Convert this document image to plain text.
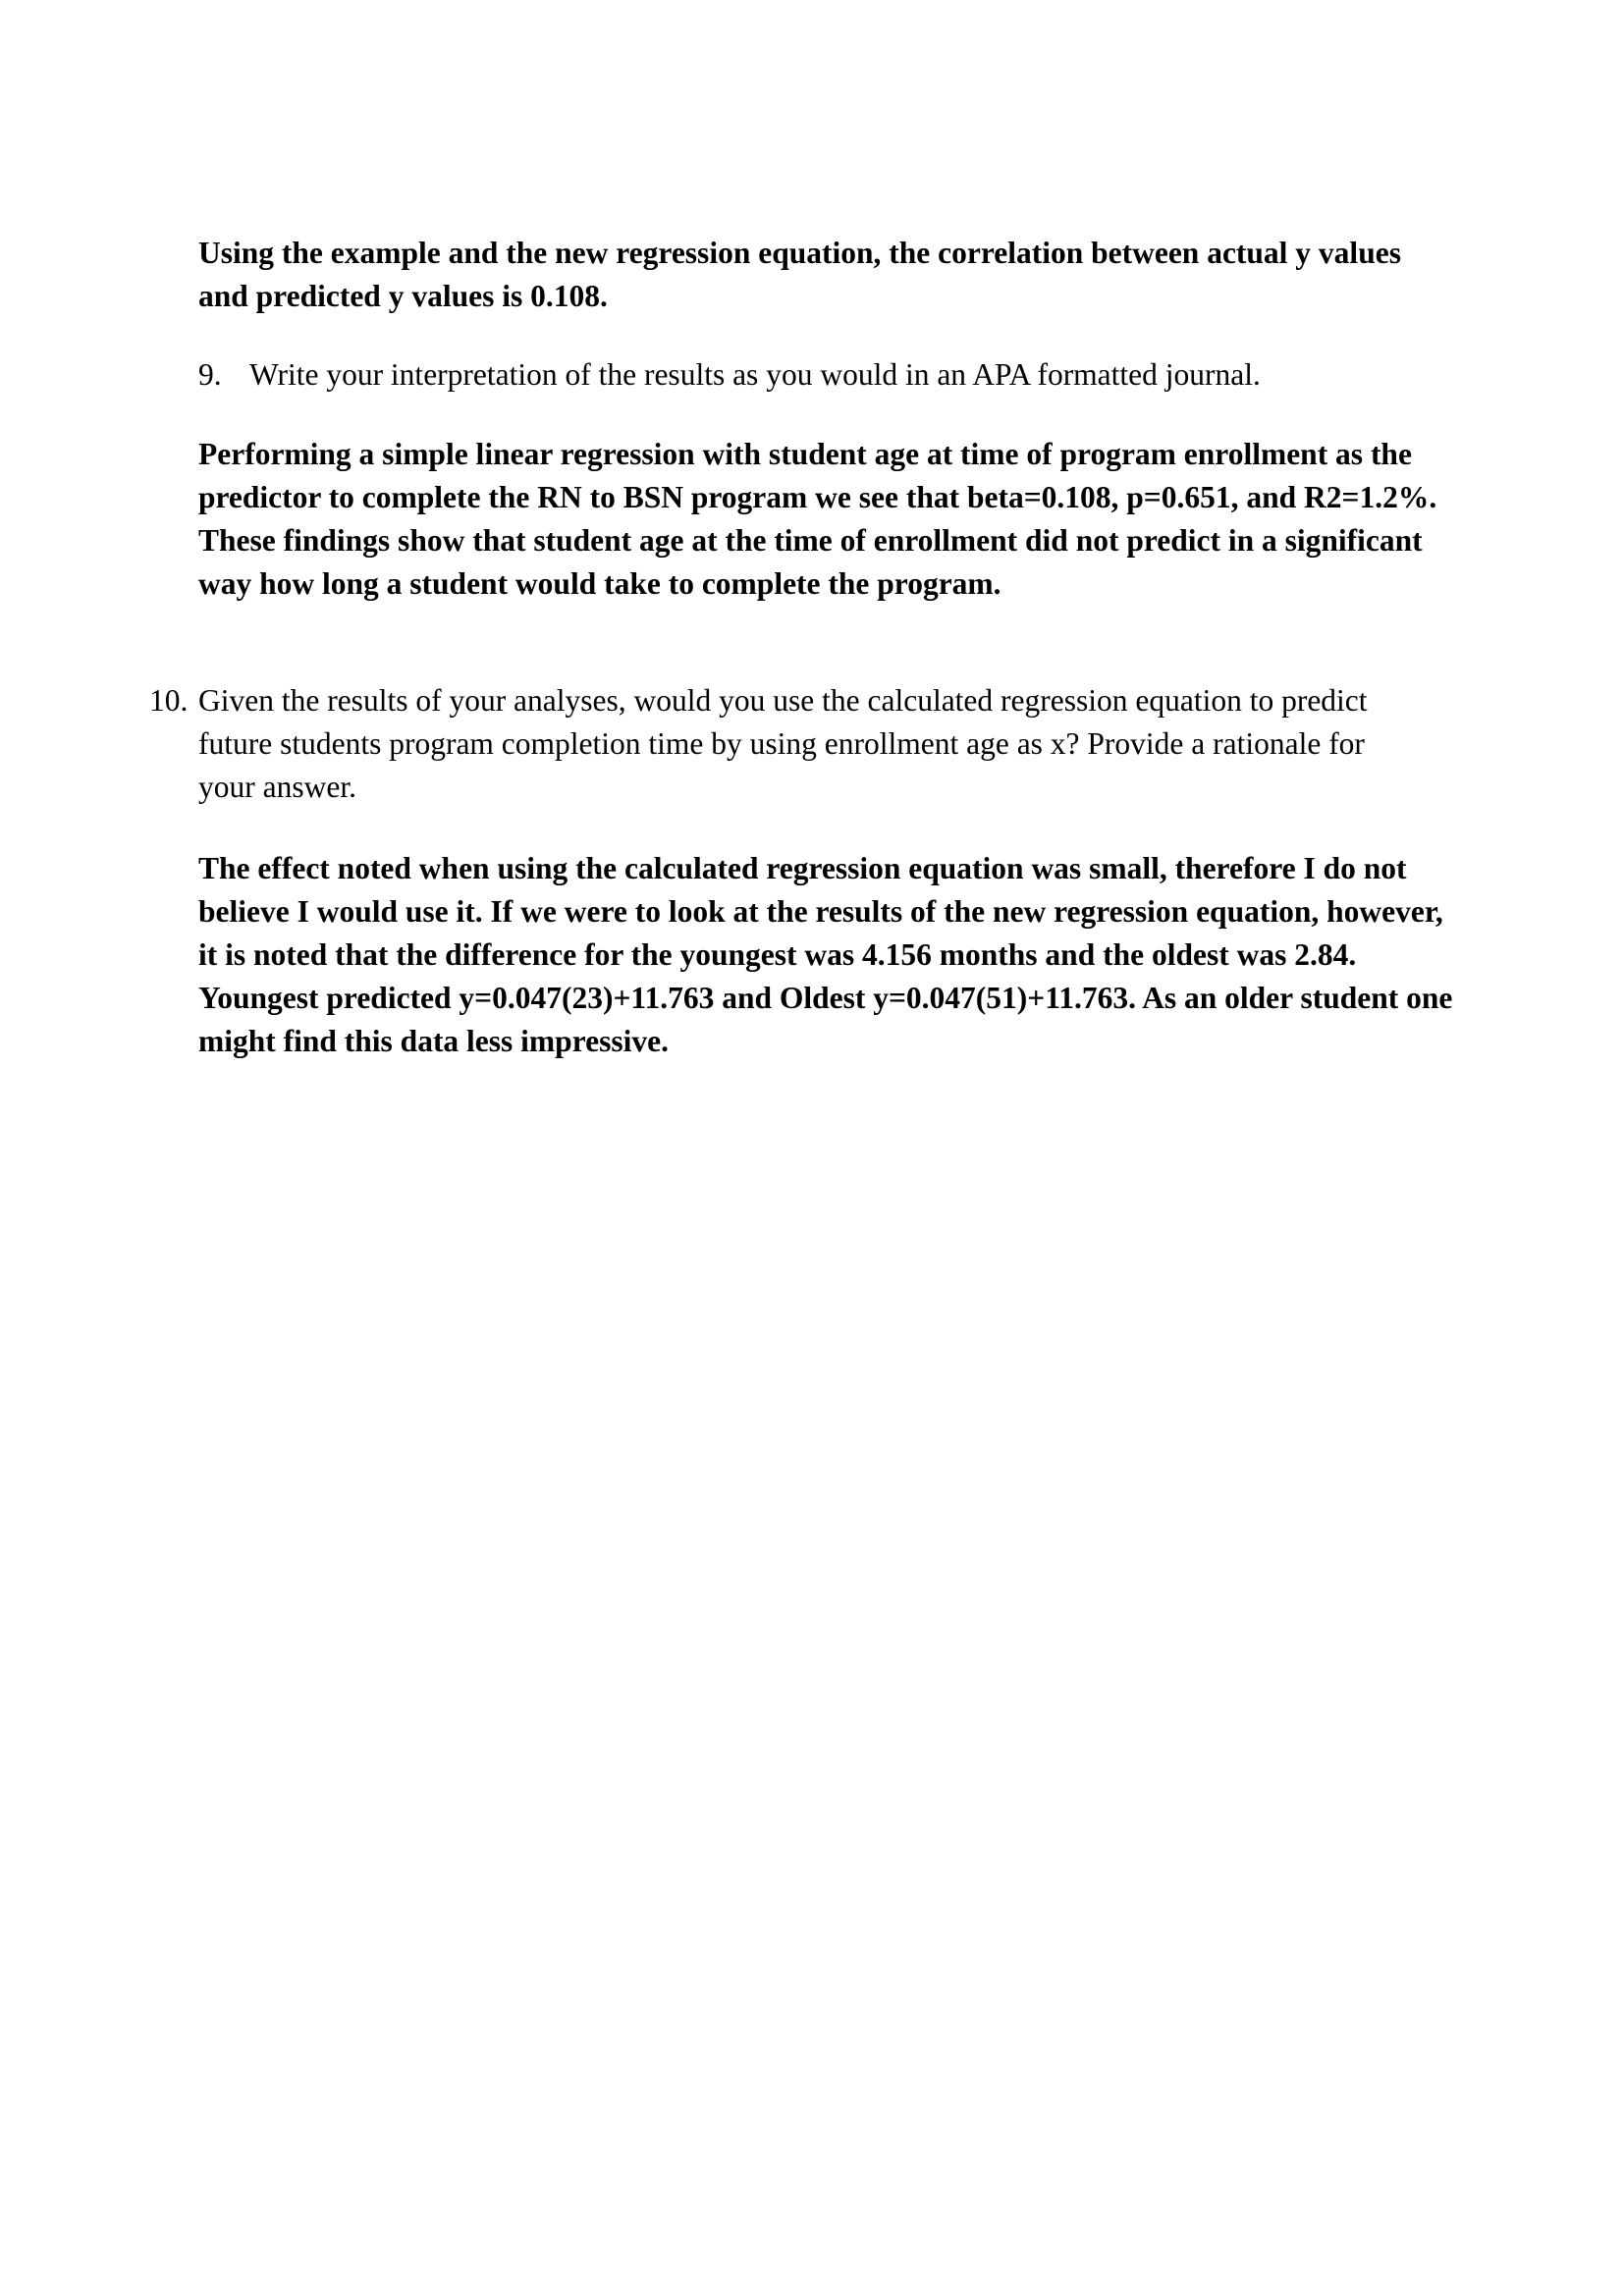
Using the example and the new regression equation, the correlation between actual y values and predicted y values is 0.108.
9. Write your interpretation of the results as you would in an APA formatted journal.
Performing a simple linear regression with student age at time of program enrollment as the predictor to complete the RN to BSN program we see that beta=0.108, p=0.651, and R2=1.2%. These findings show that student age at the time of enrollment did not predict in a significant way how long a student would take to complete the program.
10. Given the results of your analyses, would you use the calculated regression equation to predict future students program completion time by using enrollment age as x? Provide a rationale for your answer.
The effect noted when using the calculated regression equation was small, therefore I do not believe I would use it. If we were to look at the results of the new regression equation, however, it is noted that the difference for the youngest was 4.156 months and the oldest was 2.84. Youngest predicted y=0.047(23)+11.763 and Oldest y=0.047(51)+11.763. As an older student one might find this data less impressive.
